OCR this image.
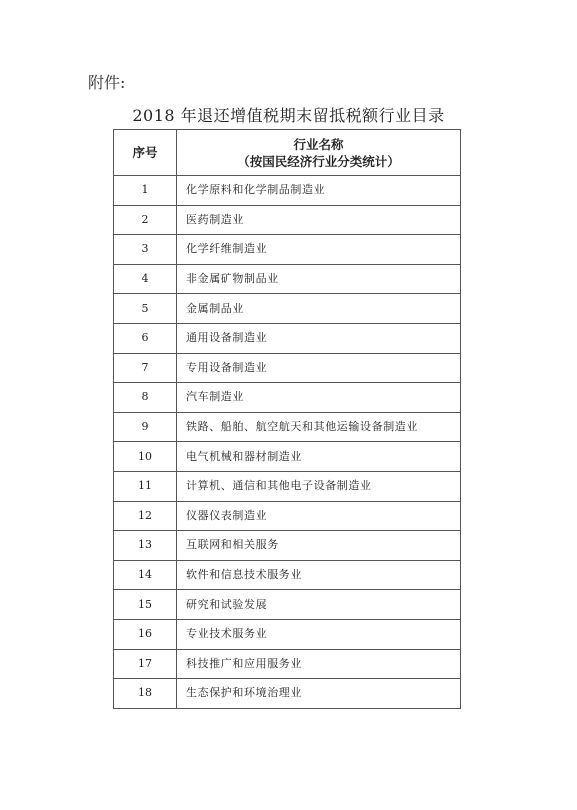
附件:
2018 年退还增值税期末留抵税额行业目录
序号	行业名称
（按国民经济行业分类统计）

1	化学原料和化学制品制造业
2	医药制造业
3	化学纤维制造业
4	非金属矿物制品业
5	金属制品业
6	通用设备制造业
7	专用设备制造业
8	汽车制造业
9	铁路、船舶、航空航天和其他运输设备制造业
10	电气机械和器材制造业
11	计算机、通信和其他电子设备制造业
12	仪器仪表制造业
13	互联网和相关服务
14	软件和信息技术服务业
15	研究和试验发展
16	专业技术服务业
17	科技推广和应用服务业
18	生态保护和环境治理业
